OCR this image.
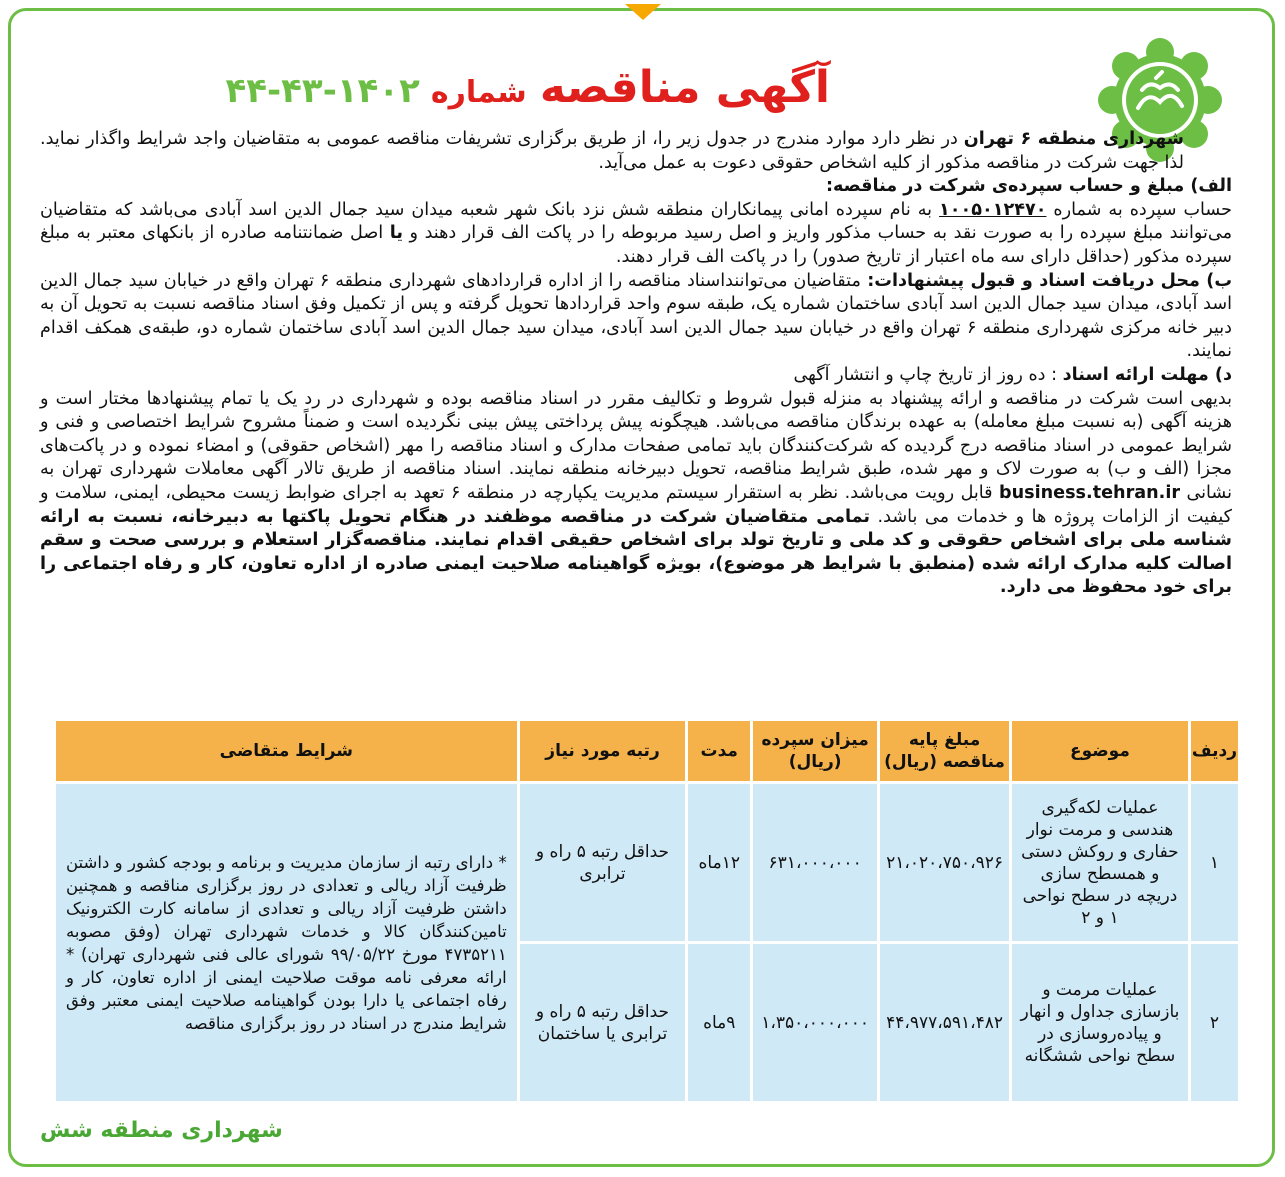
آگهی مناقصه شماره ۱۴۰۲-۴۳-۴۴

شهرداری منطقه ۶ تهران در نظر دارد موارد مندرج در جدول زیر را، از طریق برگزاری تشریفات مناقصه عمومی به متقاضیان واجد شرایط واگذار نماید. لذا جهت شرکت در مناقصه مذکور از کلیه اشخاص حقوقی دعوت به عمل می‌آید.

الف) مبلغ و حساب سپرده‌ی شرکت در مناقصه:

حساب سپرده به شماره ۱۰۰۵۰۱۲۴۷۰ به نام سپرده امانی پیمانکاران منطقه شش نزد بانک شهر شعبه میدان سید جمال الدین اسد آبادی می‌باشد که متقاضیان می‌توانند مبلغ سپرده را به صورت نقد به حساب مذکور واریز و اصل رسید مربوطه را در پاکت الف قرار دهند و یا اصل ضمانتنامه صادره از بانکهای معتبر به مبلغ سپرده مذکور (حداقل دارای سه ماه اعتبار از تاریخ صدور) را در پاکت الف قرار دهند.

ب) محل دریافت اسناد و قبول پیشنهادات: متقاضیان می‌توانند‌اسناد مناقصه را از اداره قراردادهای شهرداری منطقه ۶ تهران واقع در خیابان سید جمال الدین اسد آبادی، میدان سید جمال الدین اسد آبادی ساختمان شماره یک، طبقه سوم واحد قراردادها تحویل گرفته و پس از تکمیل وفق اسناد مناقصه نسبت به تحویل آن به دبیر خانه مرکزی شهرداری منطقه ۶ تهران واقع در خیابان سید جمال الدین اسد آبادی، میدان سید جمال الدین اسد آبادی ساختمان شماره دو، طبقه‌ی همکف اقدام نمایند.

د) مهلت ارائه اسناد : ده روز از تاریخ چاپ و انتشار آگهی

بدیهی است شرکت در مناقصه و ارائه پیشنهاد به منزله قبول شروط و تکالیف مقرر در اسناد مناقصه بوده و شهرداری در رد یک یا تمام پیشنهادها مختار است و هزینه آگهی (به نسبت مبلغ معامله) به عهده برندگان مناقصه می‌باشد. هیچگونه پیش پرداختی پیش بینی نگردیده است و ضمناً مشروح شرایط اختصاصی و فنی و شرایط عمومی در اسناد مناقصه درج گردیده که شرکت‌کنندگان باید تمامی صفحات مدارک و اسناد مناقصه را مهر (اشخاص حقوقی) و امضاء نموده و در پاکت‌های مجزا (الف و ب) به صورت لاک و مهر شده، طبق شرایط مناقصه، تحویل دبیرخانه منطقه نمایند. اسناد مناقصه از طریق تالار آگهی معاملات شهرداری تهران به نشانی business.tehran.ir قابل رویت می‌باشد. نظر به استقرار سیستم مدیریت یکپارچه در منطقه ۶ تعهد به اجرای ضوابط زیست محیطی، ایمنی، سلامت و کیفیت از الزامات پروژه ها و خدمات می باشد. تمامی متقاضیان شرکت در مناقصه موظفند در هنگام تحویل پاکتها به دبیرخانه، نسبت به ارائه شناسه ملی برای اشخاص حقوقی و کد ملی و تاریخ تولد برای اشخاص حقیقی اقدام نمایند. مناقصه‌گزار استعلام و بررسی صحت و سقم اصالت کلیه مدارک ارائه شده (منطبق با شرایط هر موضوع)، بویژه گواهینامه صلاحیت ایمنی صادره از اداره تعاون، کار و رفاه اجتماعی را برای خود محفوظ می دارد.

ردیف	موضوع	مبلغ پایه مناقصه (ریال)	میزان سپرده (ریال)	مدت	رتبه مورد نیاز	شرایط متقاضی
۱	عملیات لکه‌گیری هندسی و مرمت نوار حفاری و روکش دستی و همسطح سازی دریچه در سطح نواحی ۱ و ۲	۲۱،۰۲۰،۷۵۰،۹۲۶	۶۳۱،۰۰۰،۰۰۰	۱۲ماه	حداقل رتبه ۵ راه و ترابری	* دارای رتبه از سازمان مدیریت و برنامه و بودجه کشور و داشتن ظرفیت آزاد ریالی و تعدادی در روز برگزاری مناقصه و همچنین داشتن ظرفیت آزاد ریالی و تعدادی از سامانه کارت الکترونیک تامین‌کنندگان کالا و خدمات شهرداری تهران (وفق مصوبه ۴۷۳۵۲۱۱ مورخ ۹۹/۰۵/۲۲ شورای عالی فنی شهرداری تهران) * ارائه معرفی نامه موقت صلاحیت ایمنی از اداره تعاون، کار و رفاه اجتماعی یا دارا بودن گواهینامه صلاحیت ایمنی معتبر وفق شرایط مندرج در اسناد در روز برگزاری مناقصه
۲	عملیات مرمت و بازسازی جداول و انهار و پیاده‌روسازی در سطح نواحی ششگانه	۴۴،۹۷۷،۵۹۱،۴۸۲	۱،۳۵۰،۰۰۰،۰۰۰	۹ماه	حداقل رتبه ۵ راه و ترابری یا ساختمان	
شهرداری منطقه شش
